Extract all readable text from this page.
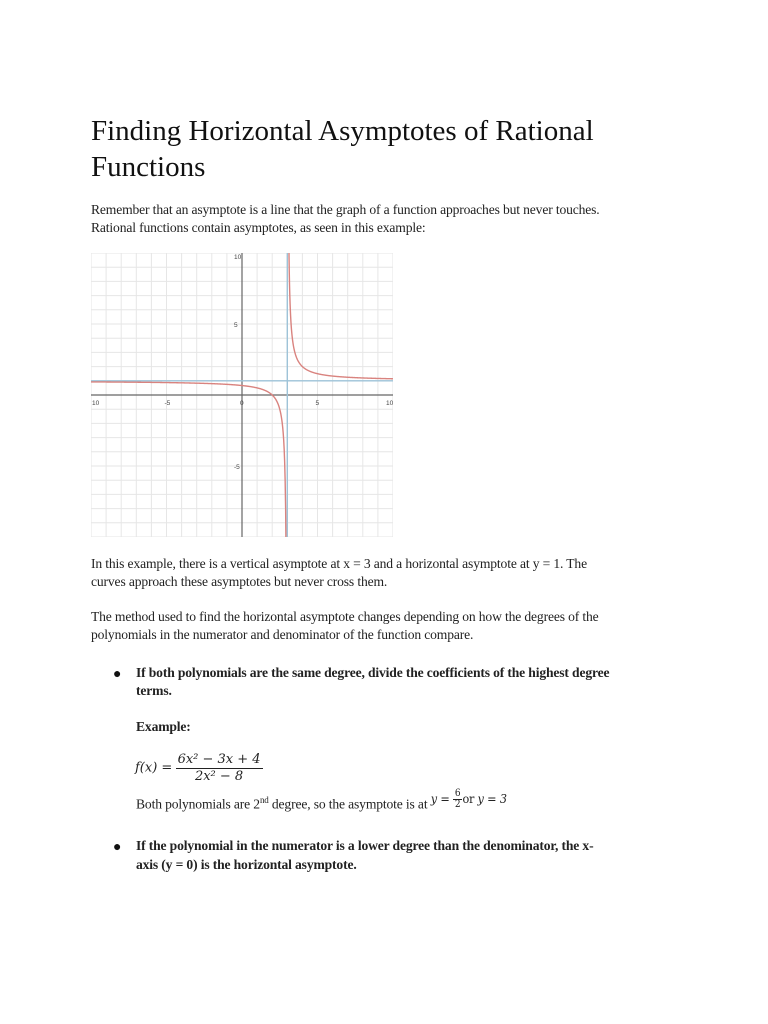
Finding Horizontal Asymptotes of Rational Functions

Remember that an asymptote is a line that the graph of a function approaches but never touches.

Rational functions contain asymptotes, as seen in this example:

10	-5	0	5	10
10
5
-5

In this example, there is a vertical asymptote at x = 3 and a horizontal asymptote at y = 1. The

curves approach these asymptotes but never cross them.

The method used to find the horizontal asymptote changes depending on how the degrees of the

polynomials in the numerator and denominator of the function compare.

● If both polynomials are the same degree, divide the coefficients of the highest degree

terms.

Example:

$f(x) = \frac{\text{6x² − 3x + 4}}{\text{2x² − 8}}$
Both polynomials are 2nd degree, so the asymptote is at $y = \frac{6}{2}$ or y = 3
● If the polynomial in the numerator is a lower degree than the denominator, the x-

axis (y = 0) is the horizontal asymptote.
